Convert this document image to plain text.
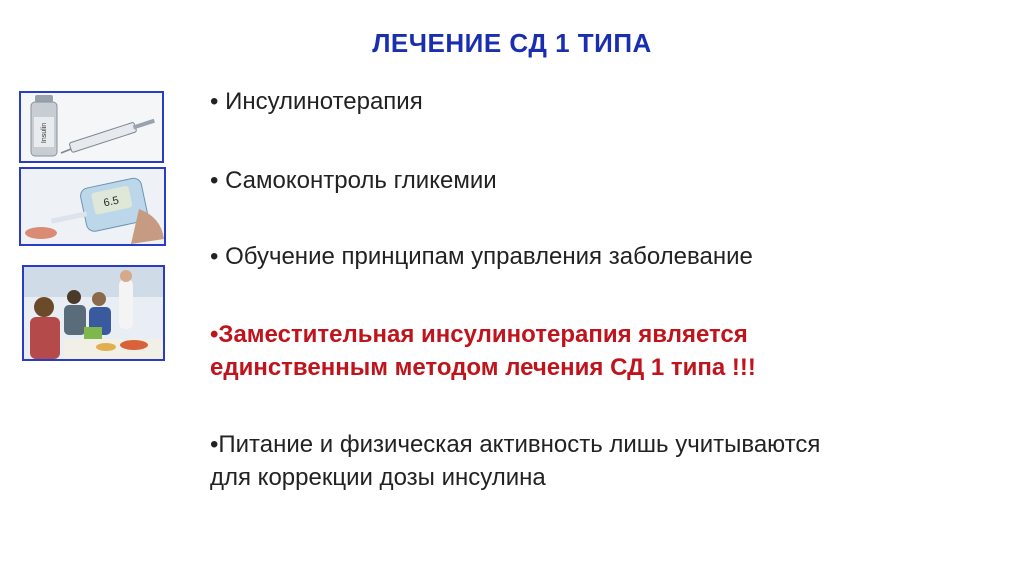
ЛЕЧЕНИЕ СД 1 ТИПА
Insulin
6.5
• Инсулинотерапия
• Самоконтроль гликемии
• Обучение принципам управления заболевание
•Заместительная инсулинотерапия является
единственным методом лечения СД 1 типа !!!
•Питание и физическая активность лишь учитываются
для коррекции дозы инсулина
